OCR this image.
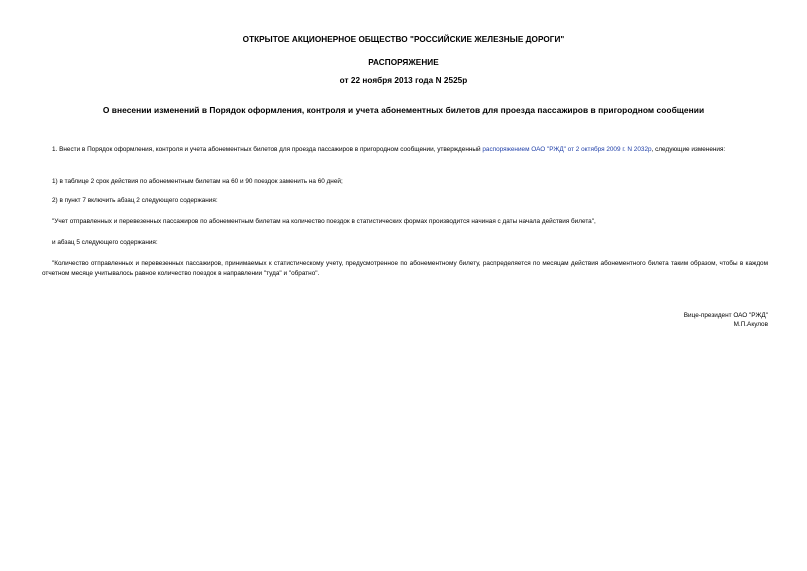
ОТКРЫТОЕ АКЦИОНЕРНОЕ ОБЩЕСТВО "РОССИЙСКИЕ ЖЕЛЕЗНЫЕ ДОРОГИ"
РАСПОРЯЖЕНИЕ
от 22 ноября 2013 года N 2525р
О внесении изменений в Порядок оформления, контроля и учета абонементных билетов для проезда пассажиров в пригородном сообщении
1. Внести в Порядок оформления, контроля и учета абонементных билетов для проезда пассажиров в пригородном сообщении, утвержденный распоряжением ОАО "РЖД" от 2 октября 2009 г. N 2032р, следующие изменения:
1) в таблице 2 срок действия по абонементным билетам на 60 и 90 поездок заменить на 60 дней;
2) в пункт 7 включить абзац 2 следующего содержания:
"Учет отправленных и перевезенных пассажиров по абонементным билетам на количество поездок в статистических формах производится начиная с даты начала действия билета",
и абзац 5 следующего содержания:
"Количество отправленных и перевезенных пассажиров, принимаемых к статистическому учету, предусмотренное по абонементному билету, распределяется по месяцам действия абонементного билета таким образом, чтобы в каждом отчетном месяце учитывалось равное количество поездок в направлении "туда" и "обратно".
Вице-президент ОАО "РЖД"
М.П.Акулов
